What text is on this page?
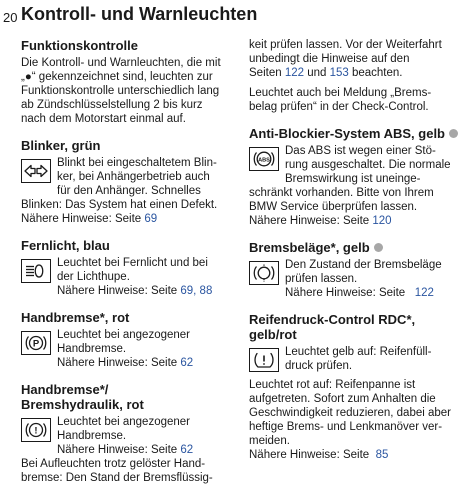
20 Kontroll- und Warnleuchten

Funktionskontrolle

Die Kontroll- und Warnleuchten, die mit

„●“ gekennzeichnet sind, leuchten zur

Funktionskontrolle unterschiedlich lang

ab Zündschlüsselstellung 2 bis kurz

nach dem Motorstart einmal auf.

Blinker, grün

Blinkt bei eingeschaltetem Blin-

ker, bei Anhängerbetrieb auch

für den Anhänger. Schnelles

Blinken: Das System hat einen Defekt.

Nähere Hinweise: Seite 69

Fernlicht, blau

Leuchtet bei Fernlicht und bei

der Lichthupe.

Nähere Hinweise: Seite 69, 88

Handbremse*, rot

P

Leuchtet bei angezogener

Handbremse.

Nähere Hinweise: Seite 62

Handbremse*/

Bremshydraulik, rot

!

Leuchtet bei angezogener

Handbremse.

Nähere Hinweise: Seite 62

Bei Aufleuchten trotz gelöster Hand-

bremse: Den Stand der Bremsflüssig-

keit prüfen lassen. Vor der Weiterfahrt

unbedingt die Hinweise auf den

Seiten 122 und 153 beachten.

Leuchtet auch bei Meldung „Brems-

belag prüfen“ in der Check-Control.

Anti-Blockier-System ABS, gelb

ABS

Das ABS ist wegen einer Stö-

rung ausgeschaltet. Die normale

Bremswirkung ist uneinge-

schränkt vorhanden. Bitte von Ihrem

BMW Service überprüfen lassen.

Nähere Hinweise: Seite 120

Bremsbeläge*, gelb

Den Zustand der Bremsbeläge

prüfen lassen.

Nähere Hinweise: Seite   122

Reifendruck-Control RDC*,

gelb/rot

Leuchtet gelb auf: Reifenfüll-

druck prüfen.

Leuchtet rot auf: Reifenpanne ist

aufgetreten. Sofort zum Anhalten die

Geschwindigkeit reduzieren, dabei aber

heftige Brems- und Lenkmanöver ver-

meiden.

Nähere Hinweise: Seite  85
